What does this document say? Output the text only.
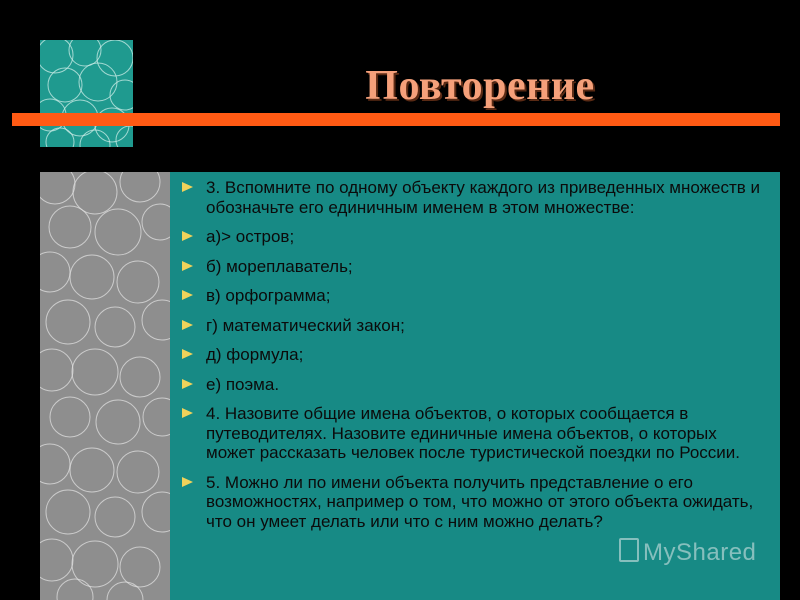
Повторение
3. Вспомните по одному объекту каждого из приведенных множеств и обозначьте его единичным именем в этом множестве:
а)> остров;
б) мореплаватель;
в) орфограмма;
г) математический закон;
д) формула;
е) поэма.
4. Назовите общие имена объектов, о которых сообщается в путеводителях. Назовите единичные имена объектов, о которых может рассказать человек после туристической поездки по России.
5. Можно ли по имени объекта получить представление о его возможностях, например о том, что можно от этого объекта ожидать, что он умеет делать или что с ним можно делать?
MyShared
